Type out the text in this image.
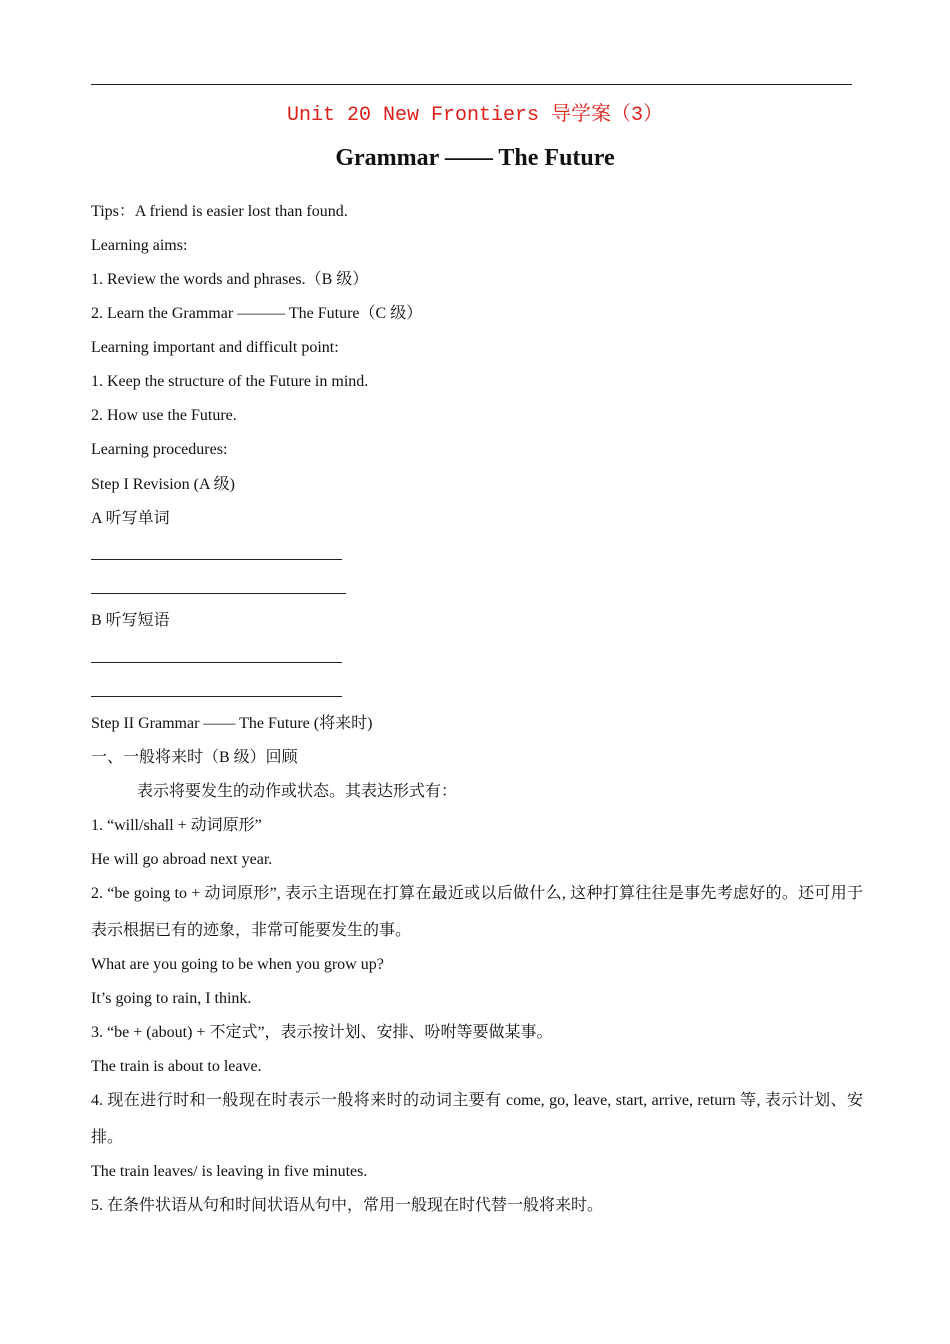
Unit 20 New Frontiers 导学案（3）
Grammar —— The Future
Tips：A friend is easier lost than found.
Learning aims:
1. Review the words and phrases.（B 级）
2. Learn the Grammar ——— The Future（C 级）
Learning important and difficult point:
1. Keep the structure of the Future in mind.
2. How use the Future.
Learning procedures:
Step I Revision (A 级)
A 听写单词
B 听写短语
Step II Grammar —— The Future (将来时)
一、一般将来时（B 级）回顾
表示将要发生的动作或状态。其表达形式有：
1. “will/shall + 动词原形”
He will go abroad next year.
2. “be going to + 动词原形”, 表示主语现在打算在最近或以后做什么, 这种打算往往是事先考虑好的。还可用于表示根据已有的迹象，非常可能要发生的事。
What are you going to be when you grow up?
It’s going to rain, I think.
3. “be + (about) + 不定式”，表示按计划、安排、吩咐等要做某事。
The train is about to leave.
4. 现在进行时和一般现在时表示一般将来时的动词主要有 come, go, leave, start, arrive, return 等, 表示计划、安排。
The train leaves/ is leaving in five minutes.
5. 在条件状语从句和时间状语从句中，常用一般现在时代替一般将来时。
